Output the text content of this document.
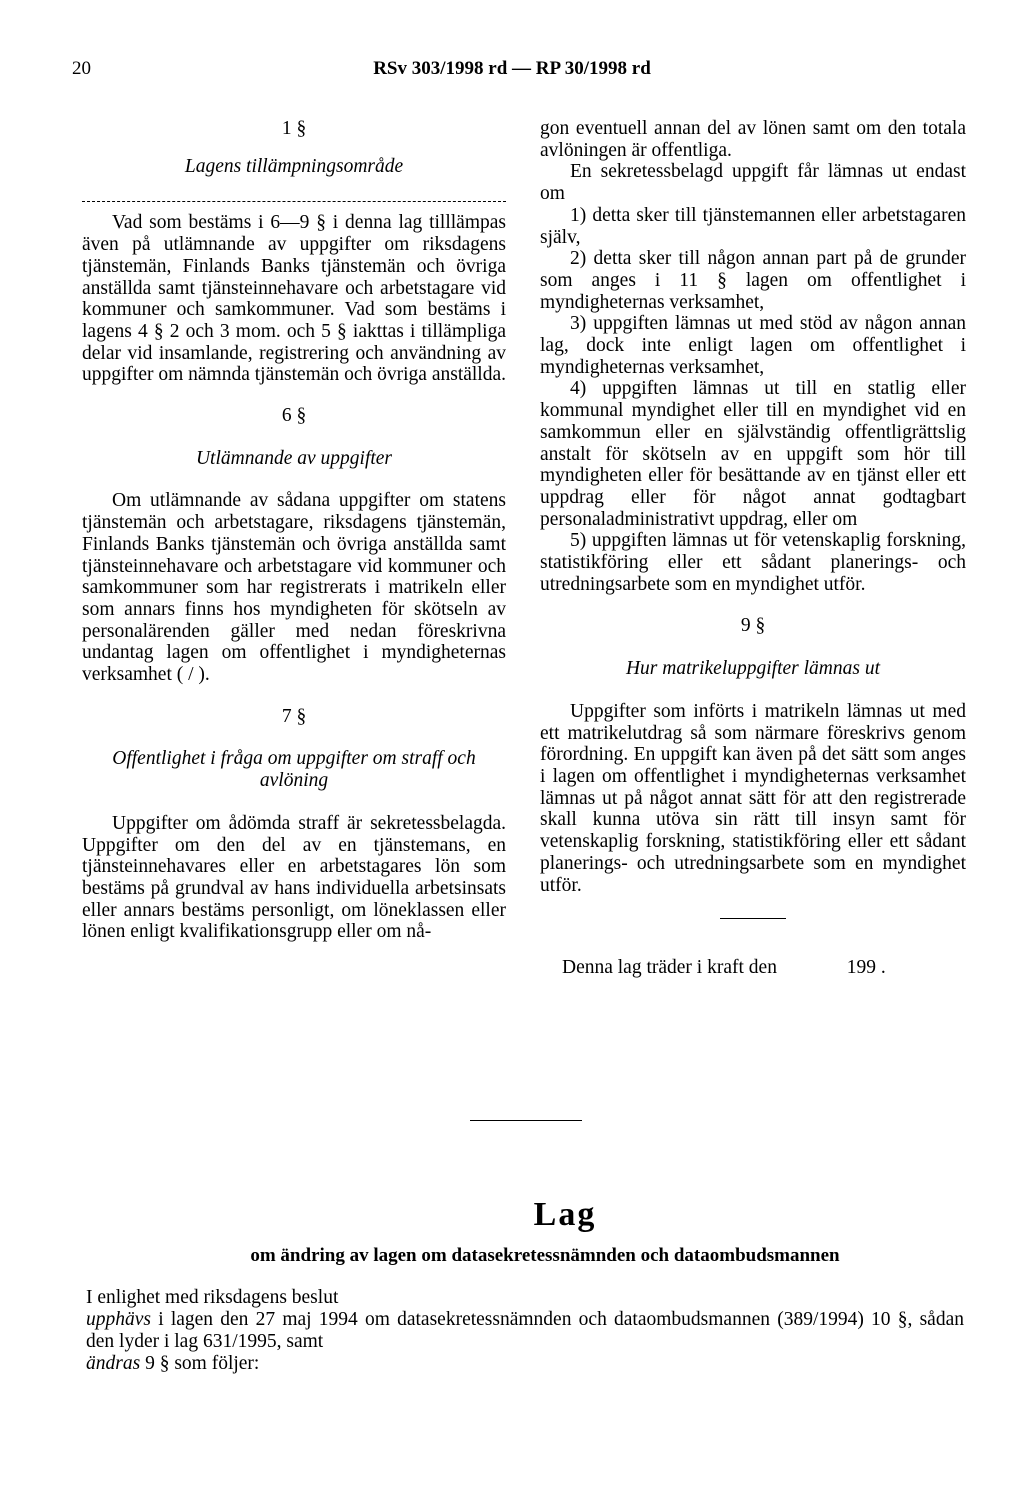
20	RSv 303/1998 rd — RP 30/1998 rd
1 §
Lagens tillämpningsområde

Vad som bestäms i 6—9 § i denna lag tilllämpas även på utlämnande av uppgifter om riksdagens tjänstemän, Finlands Banks tjänstemän och övriga anställda samt tjänsteinnehavare och arbetstagare vid kommuner och samkommuner. Vad som bestäms i lagens 4 § 2 och 3 mom. och 5 § iakttas i tillämpliga delar vid insamlande, registrering och användning av uppgifter om nämnda tjänstemän och övriga anställda.

6 §
Utlämnande av uppgifter

Om utlämnande av sådana uppgifter om statens tjänstemän och arbetstagare, riksdagens tjänstemän, Finlands Banks tjänstemän och övriga anställda samt tjänsteinnehavare och arbetstagare vid kommuner och samkommuner som har registrerats i matrikeln eller som annars finns hos myndigheten för skötseln av personalärenden gäller med nedan föreskrivna undantag lagen om offentlighet i myndigheternas verksamhet ( / ).

7 §
Offentlighet i fråga om uppgifter om straff och avlöning

Uppgifter om ådömda straff är sekretessbelagda. Uppgifter om den del av en tjänstemans, en tjänsteinnehavares eller en arbetstagares lön som bestäms på grundval av hans individuella arbetsinsats eller annars bestäms personligt, om löneklassen eller lönen enligt kvalifikationsgrupp eller om nå-

gon eventuell annan del av lönen samt om den totala avlöningen är offentliga.

En sekretessbelagd uppgift får lämnas ut endast om

1) detta sker till tjänstemannen eller arbetstagaren själv,

2) detta sker till någon annan part på de grunder som anges i 11 § lagen om offentlighet i myndigheternas verksamhet,

3) uppgiften lämnas ut med stöd av någon annan lag, dock inte enligt lagen om offentlighet i myndigheternas verksamhet,

4) uppgiften lämnas ut till en statlig eller kommunal myndighet eller till en myndighet vid en samkommun eller en självständig offentligrättslig anstalt för skötseln av en uppgift som hör till myndigheten eller för besättande av en tjänst eller ett uppdrag eller för något annat godtagbart personaladministrativt uppdrag, eller om

5) uppgiften lämnas ut för vetenskaplig forskning, statistikföring eller ett sådant planerings- och utredningsarbete som en myndighet utför.

9 §
Hur matrikeluppgifter lämnas ut

Uppgifter som införts i matrikeln lämnas ut med ett matrikelutdrag så som närmare föreskrivs genom förordning. En uppgift kan även på det sätt som anges i lagen om offentlighet i myndigheternas verksamhet lämnas ut på något annat sätt för att den registrerade skall kunna utöva sin rätt till insyn samt för vetenskaplig forskning, statistikföring eller ett sådant planerings- och utredningsarbete som en myndighet utför.

Denna lag träder i kraft den	199 .

Lag
om ändring av lagen om datasekretessnämnden och dataombudsmannen
I enlighet med riksdagens beslut
upphävs i lagen den 27 maj 1994 om datasekretessnämnden och dataombudsmannen (389/1994) 10 §, sådan den lyder i lag 631/1995, samt
ändras 9 § som följer:
